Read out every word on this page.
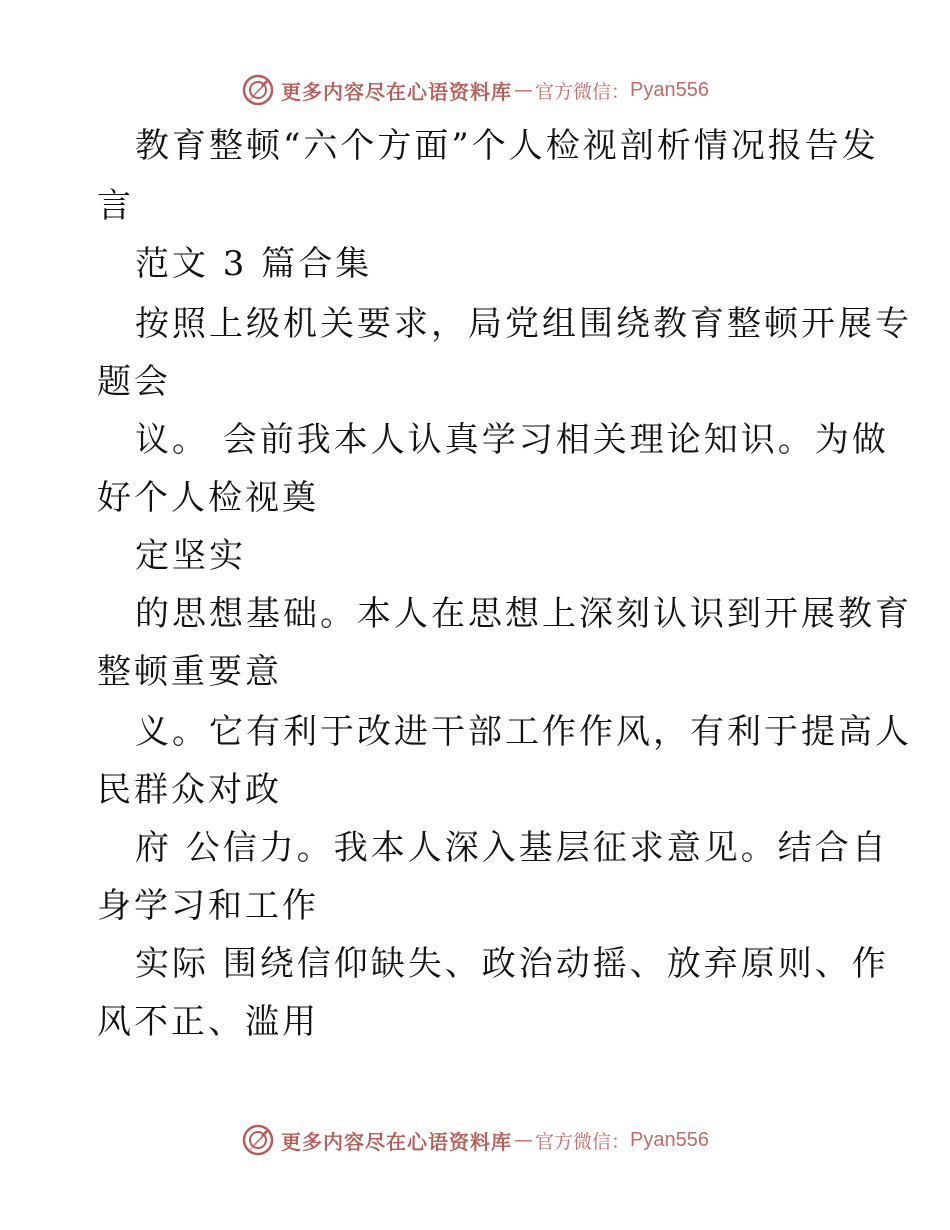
更多内容尽在心语资料库 — 官方微信： Pyan556
教育整顿“六个方面”个人检视剖析情况报告发
言
范文 3 篇合集
按照上级机关要求，局党组围绕教育整顿开展专
题会
议。 会前我本人认真学习相关理论知识。为做
好个人检视奠
定坚实
的思想基础。本人在思想上深刻认识到开展教育
整顿重要意
义。它有利于改进干部工作作风，有利于提高人
民群众对政
府 公信力。我本人深入基层征求意见。结合自
身学习和工作
实际 围绕信仰缺失、政治动摇、放弃原则、作
风不正、滥用
更多内容尽在心语资料库 — 官方微信： Pyan556
